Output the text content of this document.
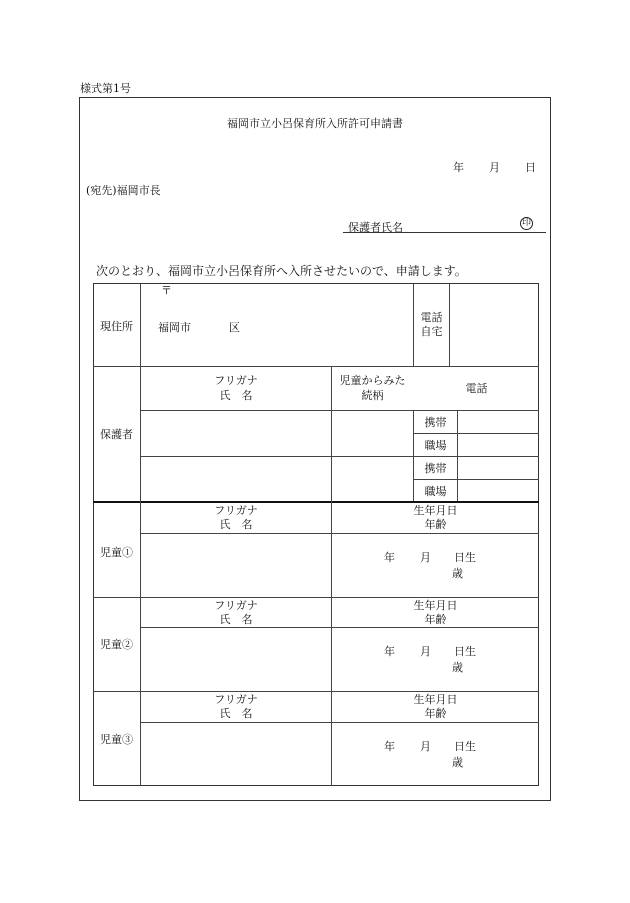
様式第1号
福岡市立小呂保育所入所許可申請書
年 月 日
(宛先)福岡市長
保護者氏名	印
次のとおり、福岡市立小呂保育所へ入所させたいので、申請します。
現住所
〒
福岡市	区
電話
自宅
保護者
フリガナ
氏　名
児童からみた
続柄
電話
携帯
職場
携帯
職場
児童①
フリガナ
氏　名
生年月日
年齢
年 月 日生
歳
児童②
フリガナ
氏　名
生年月日
年齢
年 月 日生
歳
児童③
フリガナ
氏　名
生年月日
年齢
年 月 日生
歳
